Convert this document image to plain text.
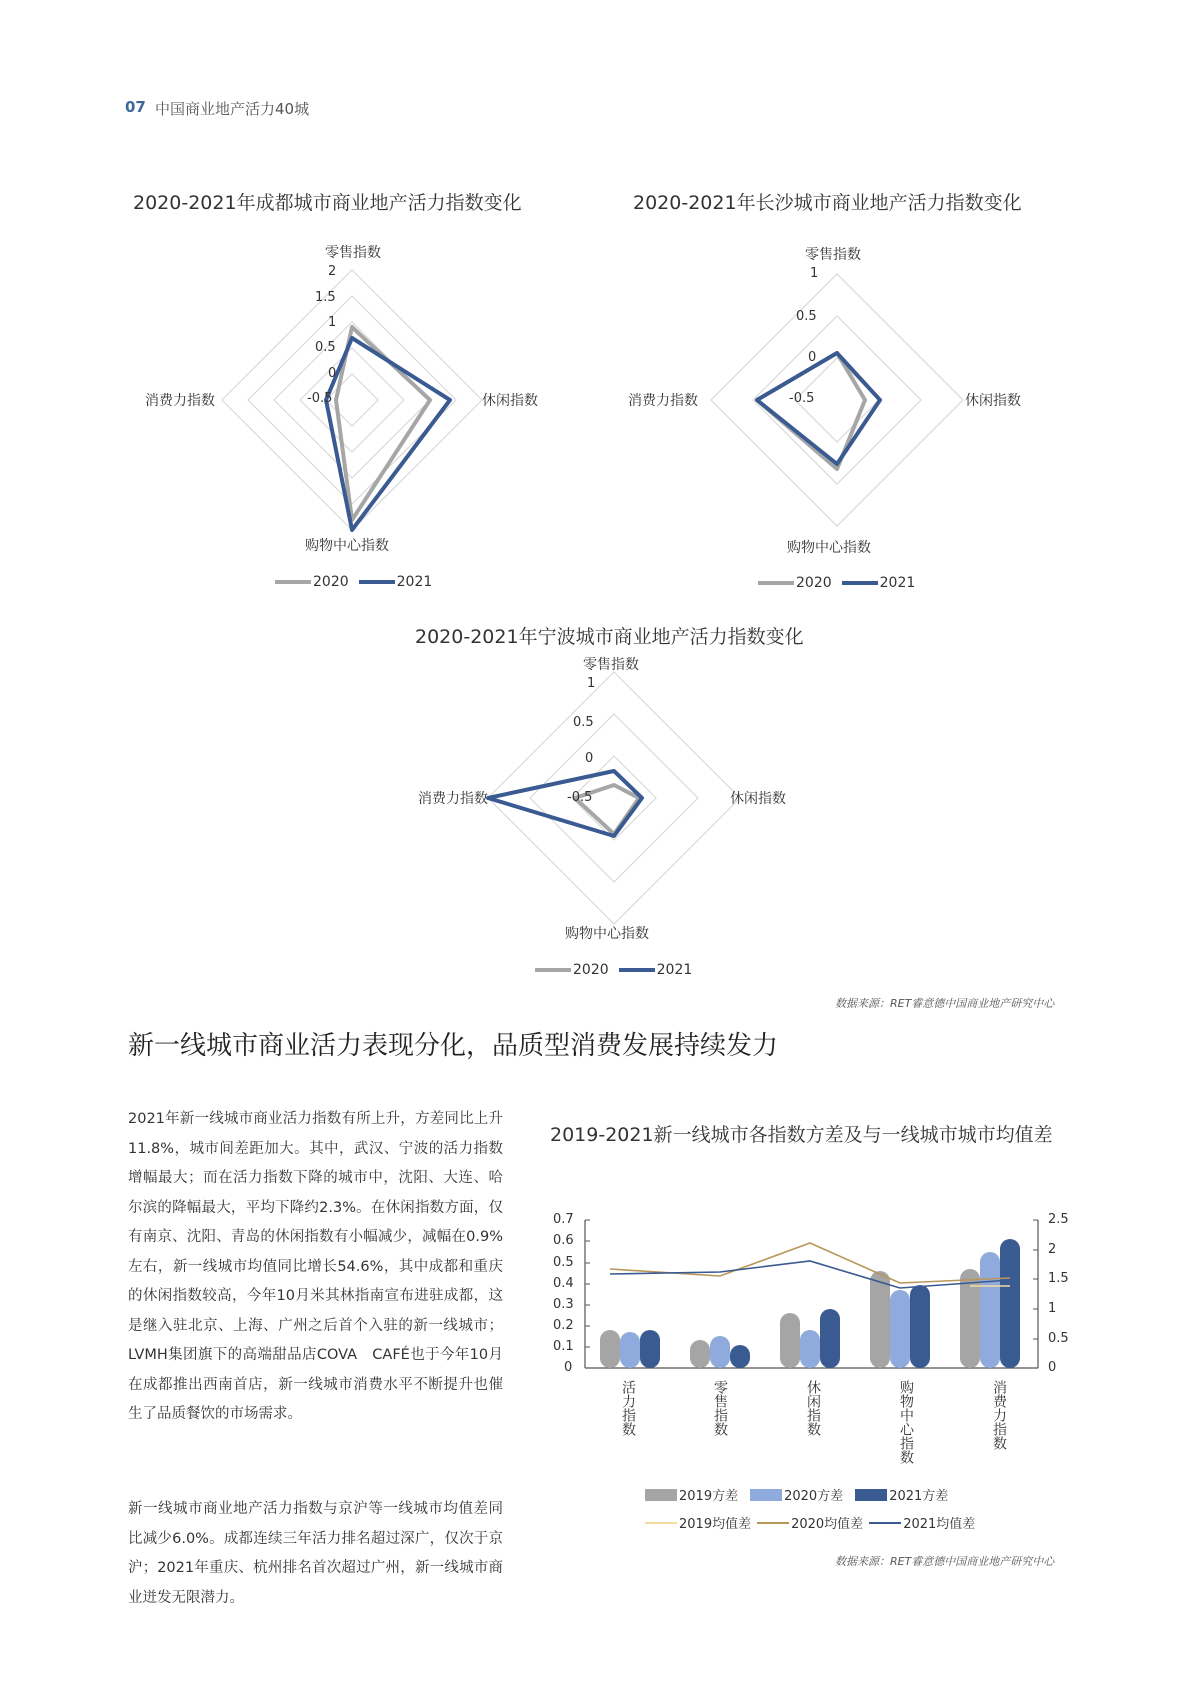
07 中国商业地产活力40城
2020-2021年成都城市商业地产活力指数变化
零售指数
休闲指数
购物中心指数
消费力指数
2
1.5
1
0.5
0
-0.5
2020	2021
2020-2021年长沙城市商业地产活力指数变化
零售指数
休闲指数
购物中心指数
消费力指数
1
0.5
0
-0.5
2020	2021
2020-2021年宁波城市商业地产活力指数变化
零售指数
休闲指数
购物中心指数
消费力指数
1
0.5
0
-0.5
2020	2021
数据来源：RET睿意德中国商业地产研究中心
新一线城市商业活力表现分化，品质型消费发展持续发力
2021年新一线城市商业活力指数有所上升，方差同比上升11.8%，城市间差距加大。其中，武汉、宁波的活力指数增幅最大；而在活力指数下降的城市中，沈阳、大连、哈尔滨的降幅最大，平均下降约2.3%。在休闲指数方面，仅有南京、沈阳、青岛的休闲指数有小幅减少，减幅在0.9%左右，新一线城市均值同比增长54.6%，其中成都和重庆的休闲指数较高，今年10月米其林指南宣布进驻成都，这是继入驻北京、上海、广州之后首个入驻的新一线城市；LVMH集团旗下的高端甜品店COVA　CAFÉ也于今年10月在成都推出西南首店，新一线城市消费水平不断提升也催生了品质餐饮的市场需求。
新一线城市商业地产活力指数与京沪等一线城市均值差同比减少6.0%。成都连续三年活力排名超过深广，仅次于京沪；2021年重庆、杭州排名首次超过广州，新一线城市商业迸发无限潜力。
2019-2021新一线城市各指数方差及与一线城市城市均值差
0.7
0.6
0.5
0.4
0.3
0.2
0.1
0
2.5
2
1.5
1
0.5
0
活力指数	零售指数	休闲指数	购物中心指数	消费力指数
2019方差	2020方差	2021方差
2019均值差	2020均值差	2021均值差
数据来源：RET睿意德中国商业地产研究中心
